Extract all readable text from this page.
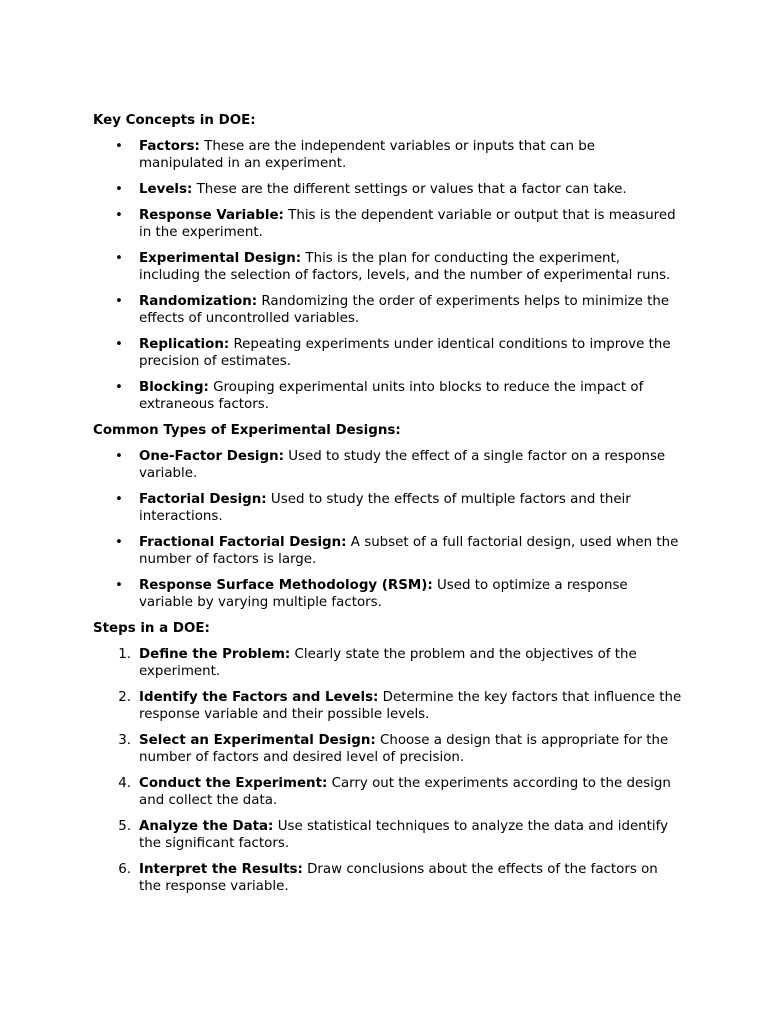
Key Concepts in DOE:
• Factors: These are the independent variables or inputs that can be manipulated in an experiment.
• Levels: These are the different settings or values that a factor can take.
• Response Variable: This is the dependent variable or output that is measured in the experiment.
• Experimental Design: This is the plan for conducting the experiment, including the selection of factors, levels, and the number of experimental runs.
• Randomization: Randomizing the order of experiments helps to minimize the effects of uncontrolled variables.
• Replication: Repeating experiments under identical conditions to improve the precision of estimates.
• Blocking: Grouping experimental units into blocks to reduce the impact of extraneous factors.
Common Types of Experimental Designs:
• One-Factor Design: Used to study the effect of a single factor on a response variable.
• Factorial Design: Used to study the effects of multiple factors and their interactions.
• Fractional Factorial Design: A subset of a full factorial design, used when the number of factors is large.
• Response Surface Methodology (RSM): Used to optimize a response variable by varying multiple factors.
Steps in a DOE:
1. Define the Problem: Clearly state the problem and the objectives of the experiment.
2. Identify the Factors and Levels: Determine the key factors that influence the response variable and their possible levels.
3. Select an Experimental Design: Choose a design that is appropriate for the number of factors and desired level of precision.
4. Conduct the Experiment: Carry out the experiments according to the design and collect the data.
5. Analyze the Data: Use statistical techniques to analyze the data and identify the significant factors.
6. Interpret the Results: Draw conclusions about the effects of the factors on the response variable.
